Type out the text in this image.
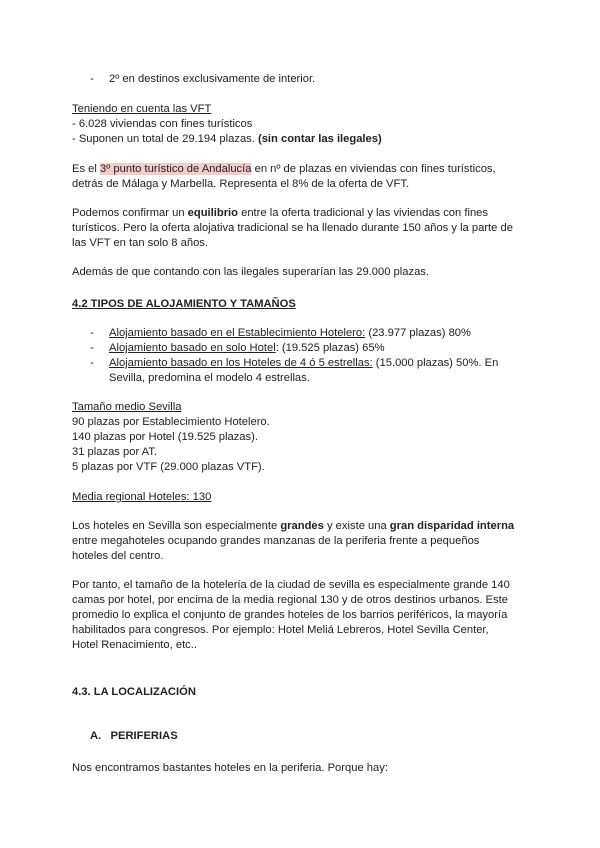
- 2º en destinos exclusivamente de interior.
Teniendo en cuenta las VFT
- 6.028 viviendas con fines turísticos
- Suponen un total de 29.194 plazas. (sin contar las ilegales)
Es el 3º punto turístico de Andalucía en nº de plazas en viviendas con fines turísticos,
detrás de Málaga y Marbella. Representa el 8% de la oferta de VFT.
Podemos confirmar un equilibrio entre la oferta tradicional y las viviendas con fines
turísticos. Pero la oferta alojativa tradicional se ha llenado durante 150 años y la parte de
las VFT en tan solo 8 años.
Además de que contando con las ilegales superarían las 29.000 plazas.
4.2 TIPOS DE ALOJAMIENTO Y TAMAÑOS
- Alojamiento basado en el Establecimiento Hotelero: (23.977 plazas) 80%
- Alojamiento basado en solo Hotel: (19.525 plazas) 65%
- Alojamiento basado en los Hoteles de 4 ó 5 estrellas: (15.000 plazas) 50%. En
Sevilla, predomina el modelo 4 estrellas.
Tamaño medio Sevilla
90 plazas por Establecimiento Hotelero.
140 plazas por Hotel (19.525 plazas).
31 plazas por AT.
5 plazas por VTF (29.000 plazas VTF).
Media regional Hoteles: 130
Los hoteles en Sevilla son especialmente grandes y existe una gran disparidad interna
entre megahoteles ocupando grandes manzanas de la periferia frente a pequeños
hoteles del centro.
Por tanto, el tamaño de la hotelería de la ciudad de sevilla es especialmente grande 140
camas por hotel, por encima de la media regional 130 y de otros destinos urbanos. Este
promedio lo explica el conjunto de grandes hoteles de los barrios periféricos, la mayoría
habilitados para congresos. Por ejemplo: Hotel Meliá Lebreros, Hotel Sevilla Center,
Hotel Renacimiento, etc..
4.3. LA LOCALIZACIÓN
A. PERIFERIAS
Nos encontramos bastantes hoteles en la periferia. Porque hay:
